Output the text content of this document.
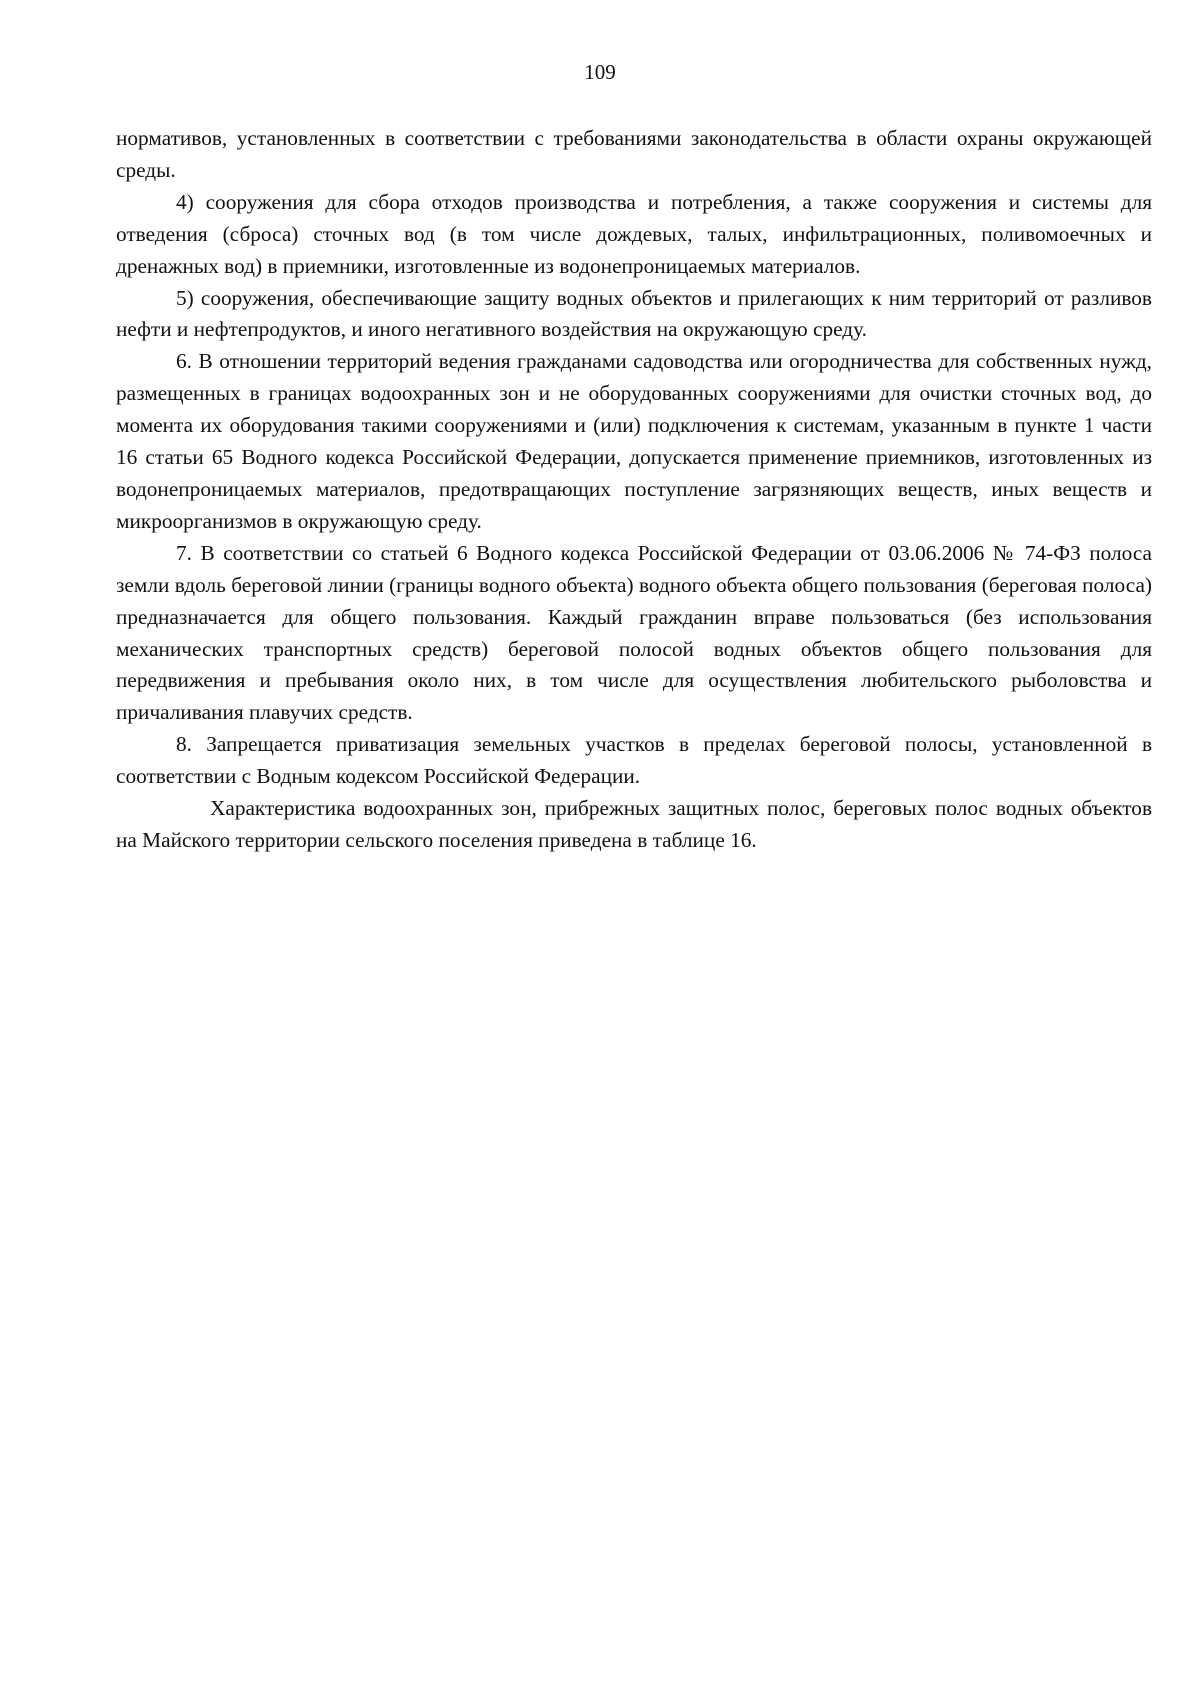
109

нормативов, установленных в соответствии с требованиями законодательства в области охраны окружающей среды.

4) сооружения для сбора отходов производства и потребления, а также сооружения и системы для отведения (сброса) сточных вод (в том числе дождевых, талых, инфильтрационных, поливомоечных и дренажных вод) в приемники, изготовленные из водонепроницаемых материалов.

5) сооружения, обеспечивающие защиту водных объектов и прилегающих к ним территорий от разливов нефти и нефтепродуктов, и иного негативного воздействия на окружающую среду.

6. В отношении территорий ведения гражданами садоводства или огородничества для собственных нужд, размещенных в границах водоохранных зон и не оборудованных сооружениями для очистки сточных вод, до момента их оборудования такими сооружениями и (или) подключения к системам, указанным в пункте 1 части 16 статьи 65 Водного кодекса Российской Федерации, допускается применение приемников, изготовленных из водонепроницаемых материалов, предотвращающих поступление загрязняющих веществ, иных веществ и микроорганизмов в окружающую среду.

7. В соответствии со статьей 6 Водного кодекса Российской Федерации от 03.06.2006 № 74-ФЗ полоса земли вдоль береговой линии (границы водного объекта) водного объекта общего пользования (береговая полоса) предназначается для общего пользования. Каждый гражданин вправе пользоваться (без использования механических транспортных средств) береговой полосой водных объектов общего пользования для передвижения и пребывания около них, в том числе для осуществления любительского рыболовства и причаливания плавучих средств.

8. Запрещается приватизация земельных участков в пределах береговой полосы, установленной в соответствии с Водным кодексом Российской Федерации.

Характеристика водоохранных зон, прибрежных защитных полос, береговых полос водных объектов на Майского территории сельского поселения приведена в таблице 16.
